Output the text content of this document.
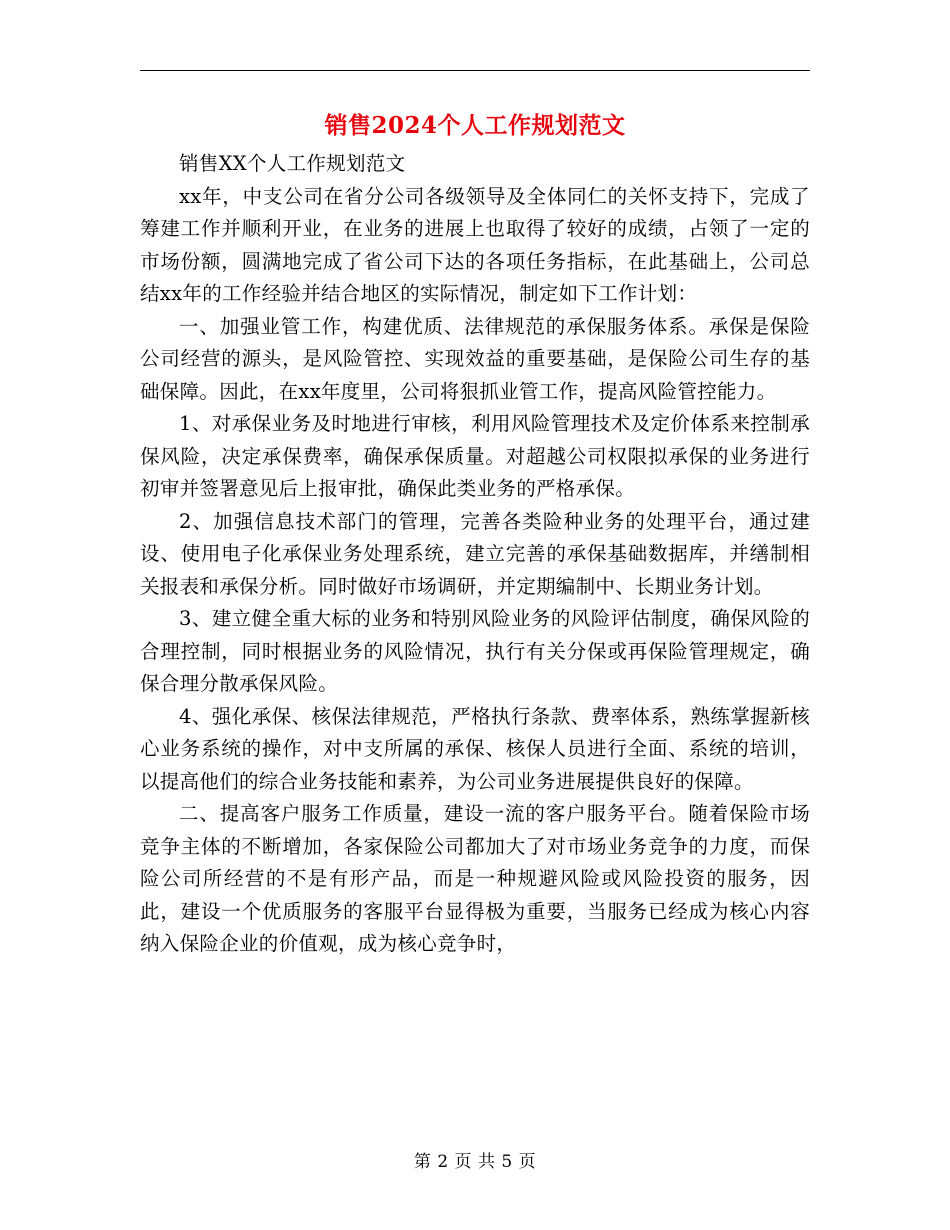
销售2024个人工作规划范文

销售XX个人工作规划范文

xx年，中支公司在省分公司各级领导及全体同仁的关怀支持下，完成了筹建工作并顺利开业，在业务的进展上也取得了较好的成绩，占领了一定的市场份额，圆满地完成了省公司下达的各项任务指标，在此基础上，公司总结xx年的工作经验并结合地区的实际情况，制定如下工作计划：

一、加强业管工作，构建优质、法律规范的承保服务体系。承保是保险公司经营的源头，是风险管控、实现效益的重要基础，是保险公司生存的基础保障。因此，在xx年度里，公司将狠抓业管工作，提高风险管控能力。

1、对承保业务及时地进行审核，利用风险管理技术及定价体系来控制承保风险，决定承保费率，确保承保质量。对超越公司权限拟承保的业务进行初审并签署意见后上报审批，确保此类业务的严格承保。

2、加强信息技术部门的管理，完善各类险种业务的处理平台，通过建设、使用电子化承保业务处理系统，建立完善的承保基础数据库，并缮制相关报表和承保分析。同时做好市场调研，并定期编制中、长期业务计划。

3、建立健全重大标的业务和特别风险业务的风险评估制度，确保风险的合理控制，同时根据业务的风险情况，执行有关分保或再保险管理规定，确保合理分散承保风险。

4、强化承保、核保法律规范，严格执行条款、费率体系，熟练掌握新核心业务系统的操作，对中支所属的承保、核保人员进行全面、系统的培训，以提高他们的综合业务技能和素养，为公司业务进展提供良好的保障。

二、提高客户服务工作质量，建设一流的客户服务平台。随着保险市场竞争主体的不断增加，各家保险公司都加大了对市场业务竞争的力度，而保险公司所经营的不是有形产品，而是一种规避风险或风险投资的服务，因此，建设一个优质服务的客服平台显得极为重要，当服务已经成为核心内容纳入保险企业的价值观，成为核心竞争时，

第 2 页 共 5 页
